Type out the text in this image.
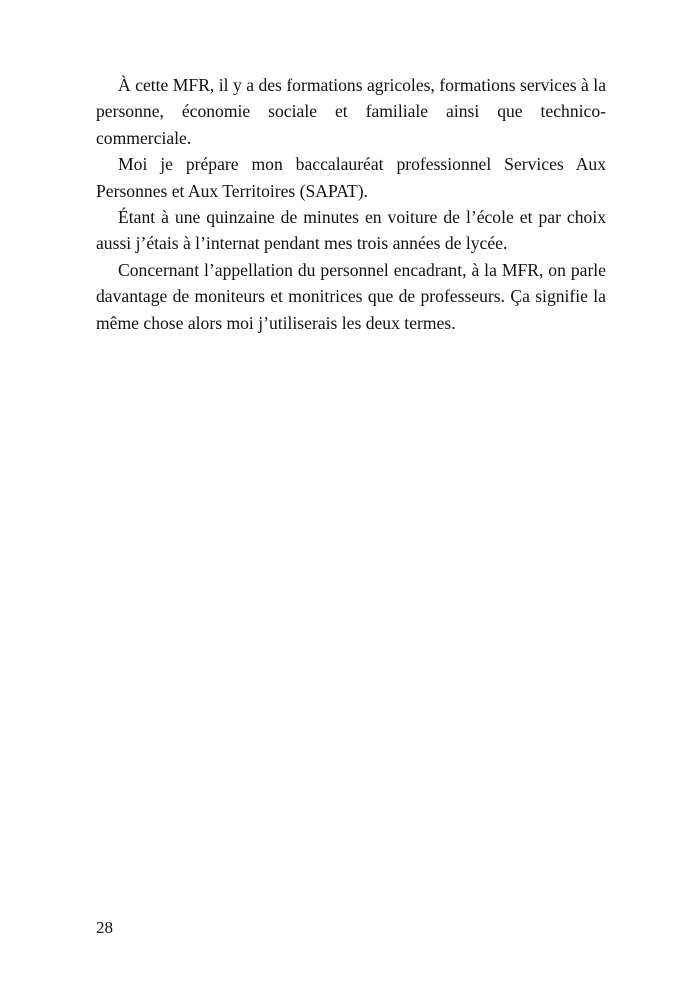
À cette MFR, il y a des formations agricoles, formations services à la personne, économie sociale et familiale ainsi que technico-commerciale.

Moi je prépare mon baccalauréat professionnel Services Aux Personnes et Aux Territoires (SAPAT).

Étant à une quinzaine de minutes en voiture de l’école et par choix aussi j’étais à l’internat pendant mes trois années de lycée.

Concernant l’appellation du personnel encadrant, à la MFR, on parle davantage de moniteurs et monitrices que de professeurs. Ça signifie la même chose alors moi j’utiliserais les deux termes.

28
